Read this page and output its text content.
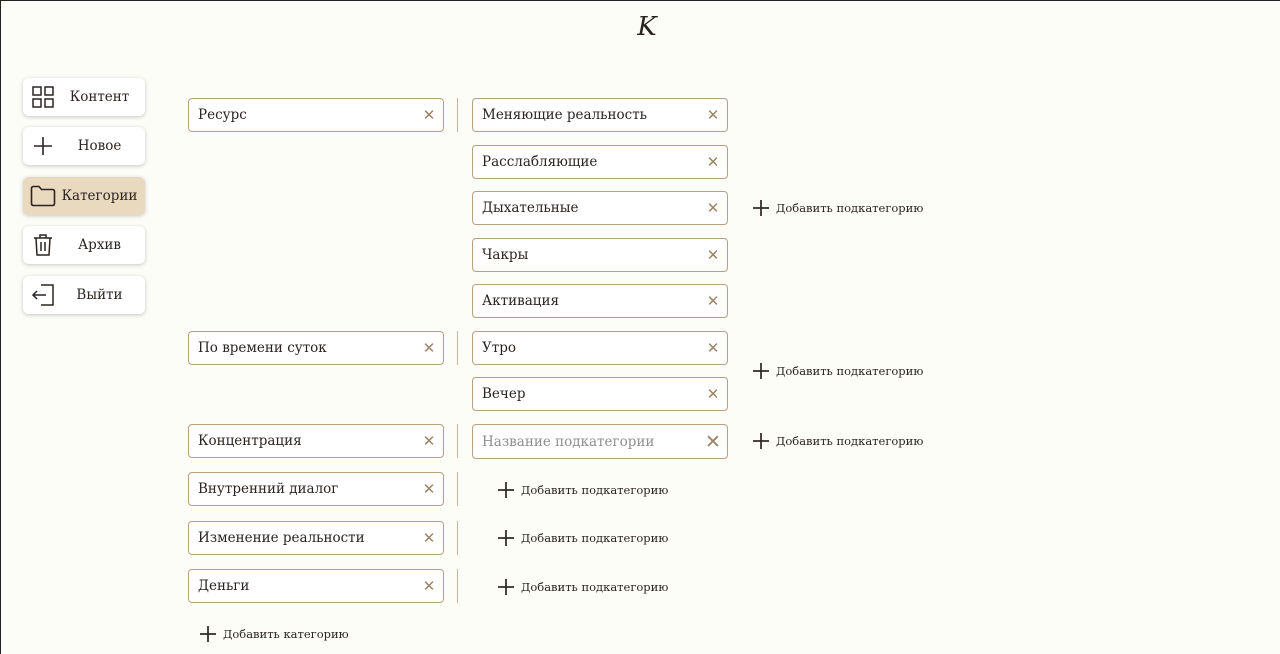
K
Контент
Новое
Категории
Архив
Выйти
Ресурс	✕	Меняющие реальность	✕
Расслабляющие	✕
Дыхательные	✕
Чакры	✕
Активация	✕
Добавить подкатегорию
По времени суток	✕	Утро	✕
Вечер	✕
Добавить подкатегорию
Концентрация	✕	Название подкатегории	✕	Добавить подкатегорию
Внутренний диалог	✕	Добавить подкатегорию
Изменение реальности	✕	Добавить подкатегорию
Деньги	✕	Добавить подкатегорию
Добавить категорию
